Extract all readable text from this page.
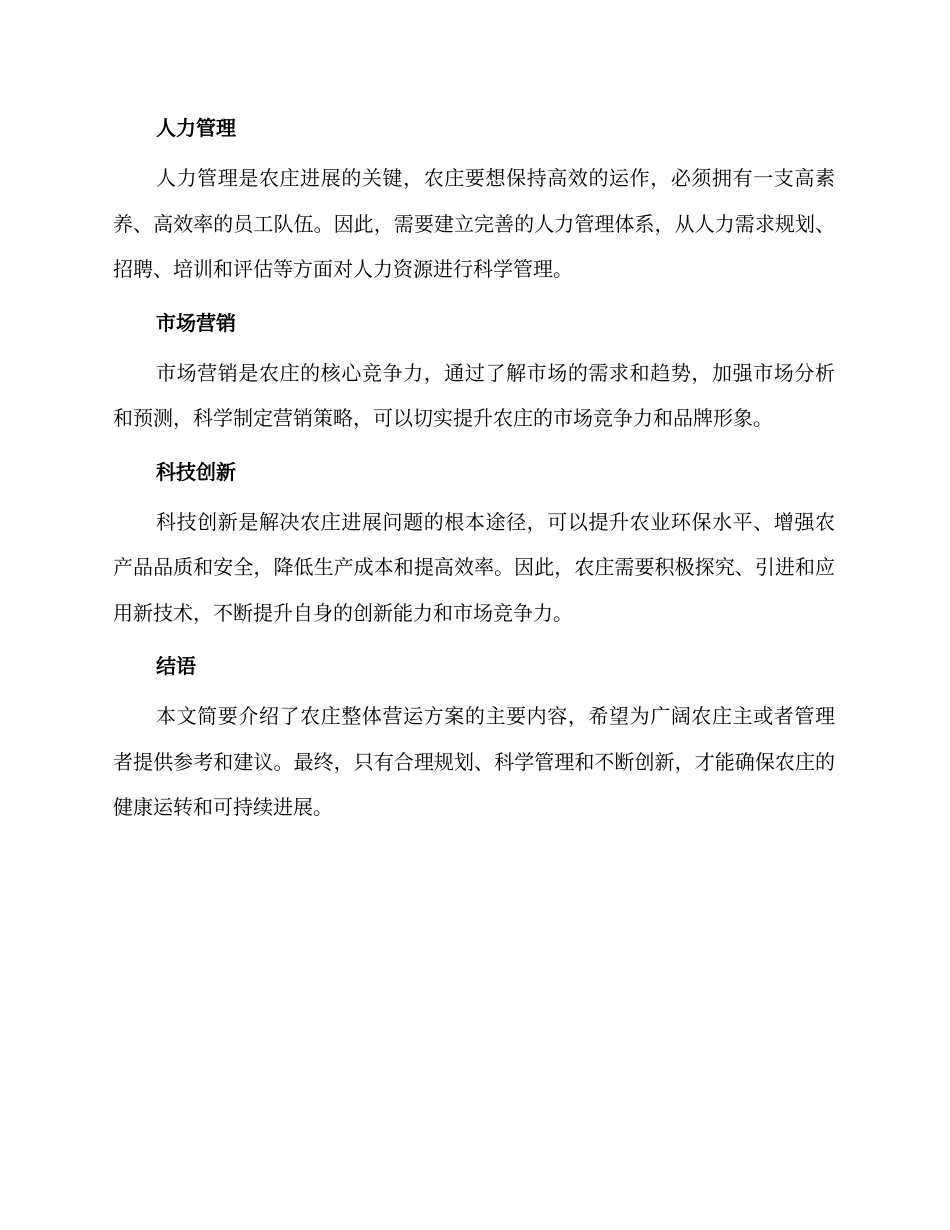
人力管理

人力管理是农庄进展的关键，农庄要想保持高效的运作，必须拥有一支高素养、高效率的员工队伍。因此，需要建立完善的人力管理体系，从人力需求规划、招聘、培训和评估等方面对人力资源进行科学管理。

市场营销

市场营销是农庄的核心竞争力，通过了解市场的需求和趋势，加强市场分析和预测，科学制定营销策略，可以切实提升农庄的市场竞争力和品牌形象。

科技创新

科技创新是解决农庄进展问题的根本途径，可以提升农业环保水平、增强农产品品质和安全，降低生产成本和提高效率。因此，农庄需要积极探究、引进和应用新技术，不断提升自身的创新能力和市场竞争力。

结语

本文简要介绍了农庄整体营运方案的主要内容，希望为广阔农庄主或者管理者提供参考和建议。最终，只有合理规划、科学管理和不断创新，才能确保农庄的健康运转和可持续进展。
